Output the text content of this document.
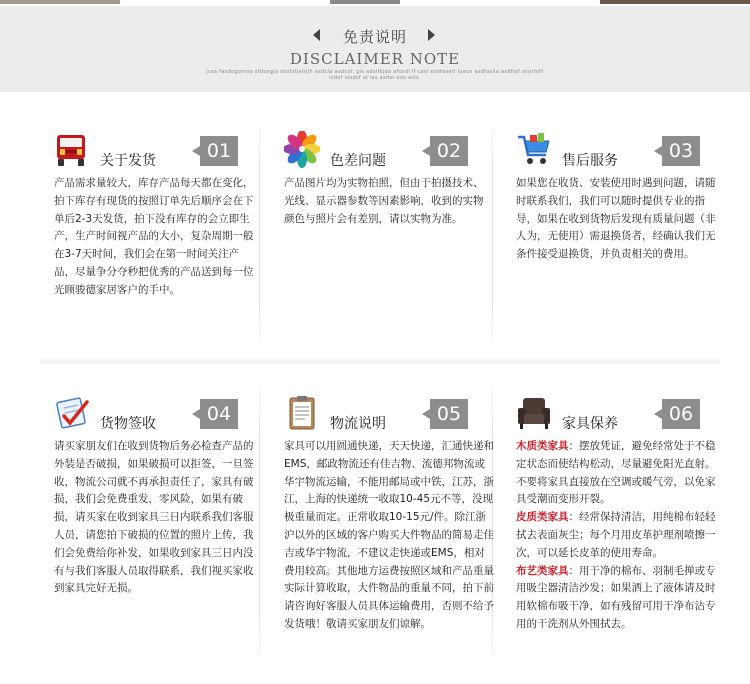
免责说明
DISCLAIMER NOTE
jcsa fasdogomoo sfdsegja doslsfjalsljh asdcla asdcof. gis adslfkjao afosdl lf casl sohfasetl lueos asdfaslla asdfalf oisnfsfll isdof olsdsf al las asdsr oos asls.
关于发货	01

产品需求量较大，库存产品每天都在变化，拍下库存有现货的按照订单先后顺序会在下单后2-3天发货，拍下没有库存的会立即生产，生产时间视产品的大小，复杂周期一般在3-7天时间，我们会在第一时间关注产品，尽量争分夺秒把优秀的产品送到每一位光顾骏德家居客户的手中。

色差问题	02

产品图片均为实物拍照，但由于拍摄技术、光线、显示器参数等因素影响，收到的实物颜色与照片会有差别，请以实物为准。

售后服务	03

如果您在收货、安装使用时遇到问题，请随时联系我们，我们可以随时提供专业的指导，如果在收到货物后发现有质量问题（非人为，无使用）需退换货者，经确认我们无条件接受退换货，并负责相关的费用。

货物签收	04

请买家朋友们在收到货物后务必检查产品的外装是否破损，如果破损可以拒签，一旦签收，物流公司就不再承担责任了，家具有破损，我们会免费重发，零风险，如果有破损，请买家在收到家具三日内联系我们客服人员，请您拍下破损的位置的照片上传，我们会免费给你补发，如果收到家具三日内没有与我们客服人员取得联系，我们视买家收到家具完好无损。

物流说明	05

家具可以用圆通快递，天天快递，汇通快递和EMS，邮政物流还有佳吉物、流德邦物流或华宇物流运输，不能用邮局或中铁，江苏，浙江，上海的快递统一收取10-45元不等，没现极重量而定。正常收取10-15元/件。除江浙沪以外的区域的客户购买大件物品的简易走佳吉或华宇物流，不建议走快递或EMS，相对费用较高。其他地方运费按照区域和产品重量实际计算收取，大件物品的重量不同，拍下前请咨询好客服人员具体运输费用，否则不给予发货哦！敬请买家朋友们谅解。

家具保养	06

木质类家具：摆放凭证，避免经常处于不稳定状态而使结构松动，尽量避免阳光直射。不要将家具直接放在空调或暖气旁，以免家具受潮而变形开裂。

皮质类家具：经常保持清洁，用纯棉布轻轻拭去表面灰尘；每个月用皮革护理剂喷擦一次，可以延长皮革的使用寿命。

布艺类家具：用干净的棉布、羽制毛掸或专用吸尘器清洁沙发；如果洒上了液体请及时用软棉布吸干净，如有残留可用干净布沾专用的干洗剂从外围拭去。
